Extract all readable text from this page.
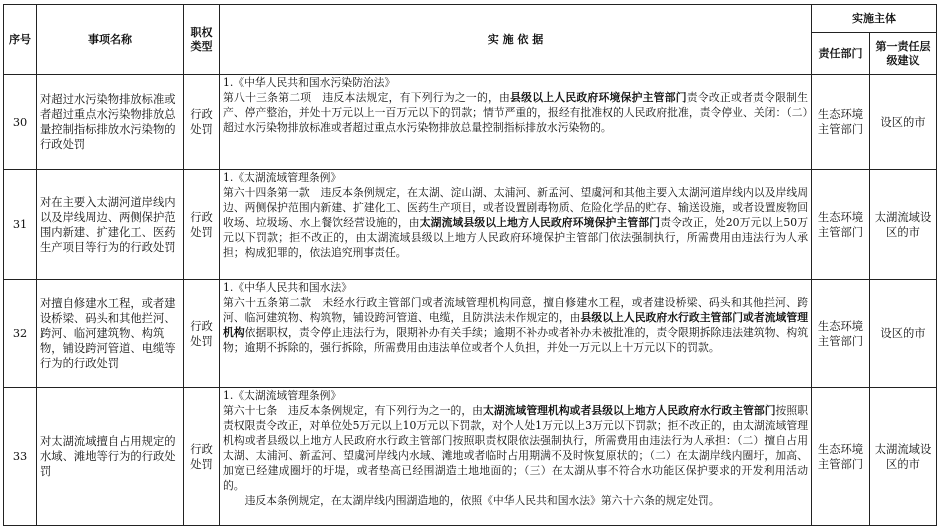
序号	事项名称	职权类型	实 施 依 据	实施主体	
				责任部门	第一责任层级建议
30	对超过水污染物排放标准或者超过重点水污染物排放总量控制指标排放水污染物的行政处罚	行政处罚	1.《中华人民共和国水污染防治法》

第八十三条第二项　违反本法规定，有下列行为之一的，由县级以上人民政府环境保护主管部门责令改正或者责令限制生产、停产整治，并处十万元以上一百万元以下的罚款；情节严重的，报经有批准权的人民政府批准，责令停业、关闭：（二）超过水污染物排放标准或者超过重点水污染物排放总量控制指标排放水污染物的。	生态环境主管部门	设区的市
31	对在主要入太湖河道岸线内以及岸线周边、两侧保护范围内新建、扩建化工、医药生产项目等行为的行政处罚	行政处罚	1.《太湖流域管理条例》

第六十四条第一款　违反本条例规定，在太湖、淀山湖、太浦河、新孟河、望虞河和其他主要入太湖河道岸线内以及岸线周边、两侧保护范围内新建、扩建化工、医药生产项目，或者设置剧毒物质、危险化学品的贮存、输送设施，或者设置废物回收场、垃圾场、水上餐饮经营设施的，由太湖流域县级以上地方人民政府环境保护主管部门责令改正，处20万元以上50万元以下罚款；拒不改正的，由太湖流域县级以上地方人民政府环境保护主管部门依法强制执行，所需费用由违法行为人承担；构成犯罪的，依法追究刑事责任。	生态环境主管部门	太湖流域设区的市
32	对擅自修建水工程，或者建设桥梁、码头和其他拦河、跨河、临河建筑物、构筑物，铺设跨河管道、电缆等行为的行政处罚	行政处罚	1.《中华人民共和国水法》

第六十五条第二款　未经水行政主管部门或者流域管理机构同意，擅自修建水工程，或者建设桥梁、码头和其他拦河、跨河、临河建筑物、构筑物，铺设跨河管道、电缆，且防洪法未作规定的，由县级以上人民政府水行政主管部门或者流域管理机构依据职权，责令停止违法行为，限期补办有关手续；逾期不补办或者补办未被批准的，责令限期拆除违法建筑物、构筑物；逾期不拆除的，强行拆除，所需费用由违法单位或者个人负担，并处一万元以上十万元以下的罚款。	生态环境主管部门	设区的市
33	对太湖流域擅自占用规定的水域、滩地等行为的行政处罚	行政处罚	1.《太湖流域管理条例》

第六十七条　违反本条例规定，有下列行为之一的，由太湖流域管理机构或者县级以上地方人民政府水行政主管部门按照职责权限责令改正，对单位处5万元以上10万元以下罚款，对个人处1万元以上3万元以下罚款；拒不改正的，由太湖流域管理机构或者县级以上地方人民政府水行政主管部门按照职责权限依法强制执行，所需费用由违法行为人承担：（二）擅自占用太湖、太浦河、新孟河、望虞河岸线内水域、滩地或者临时占用期满不及时恢复原状的；（二）在太湖岸线内圈圩，加高、加宽已经建成圈圩的圩堤，或者垫高已经围湖造土地地面的；（三）在太湖从事不符合水功能区保护要求的开发利用活动的。

违反本条例规定，在太湖岸线内围湖造地的，依照《中华人民共和国水法》第六十六条的规定处罚。	生态环境主管部门	太湖流域设区的市
